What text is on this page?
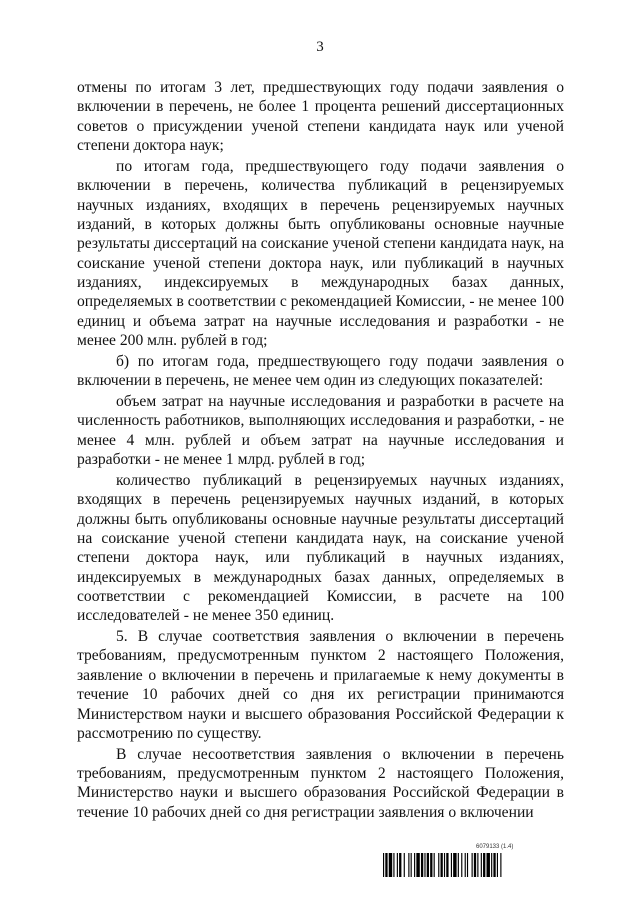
3

отмены по итогам 3 лет, предшествующих году подачи заявления о включении в перечень, не более 1 процента решений диссертационных советов о присуждении ученой степени кандидата наук или ученой степени доктора наук;

по итогам года, предшествующего году подачи заявления о включении в перечень, количества публикаций в рецензируемых научных изданиях, входящих в перечень рецензируемых научных изданий, в которых должны быть опубликованы основные научные результаты диссертаций на соискание ученой степени кандидата наук, на соискание ученой степени доктора наук, или публикаций в научных изданиях, индексируемых в международных базах данных, определяемых в соответствии с рекомендацией Комиссии, - не менее 100 единиц и объема затрат на научные исследования и разработки - не менее 200 млн. рублей в год;

б) по итогам года, предшествующего году подачи заявления о включении в перечень, не менее чем один из следующих показателей:

объем затрат на научные исследования и разработки в расчете на численность работников, выполняющих исследования и разработки, - не менее 4 млн. рублей и объем затрат на научные исследования и разработки - не менее 1 млрд. рублей в год;

количество публикаций в рецензируемых научных изданиях, входящих в перечень рецензируемых научных изданий, в которых должны быть опубликованы основные научные результаты диссертаций на соискание ученой степени кандидата наук, на соискание ученой степени доктора наук, или публикаций в научных изданиях, индексируемых в международных базах данных, определяемых в соответствии с рекомендацией Комиссии, в расчете на 100 исследователей - не менее 350 единиц.

5. В случае соответствия заявления о включении в перечень требованиям, предусмотренным пунктом 2 настоящего Положения, заявление о включении в перечень и прилагаемые к нему документы в течение 10 рабочих дней со дня их регистрации принимаются Министерством науки и высшего образования Российской Федерации к рассмотрению по существу.

В случае несоответствия заявления о включении в перечень требованиям, предусмотренным пунктом 2 настоящего Положения, Министерство науки и высшего образования Российской Федерации в течение 10 рабочих дней со дня регистрации заявления о включении

6079133 (1.4)
